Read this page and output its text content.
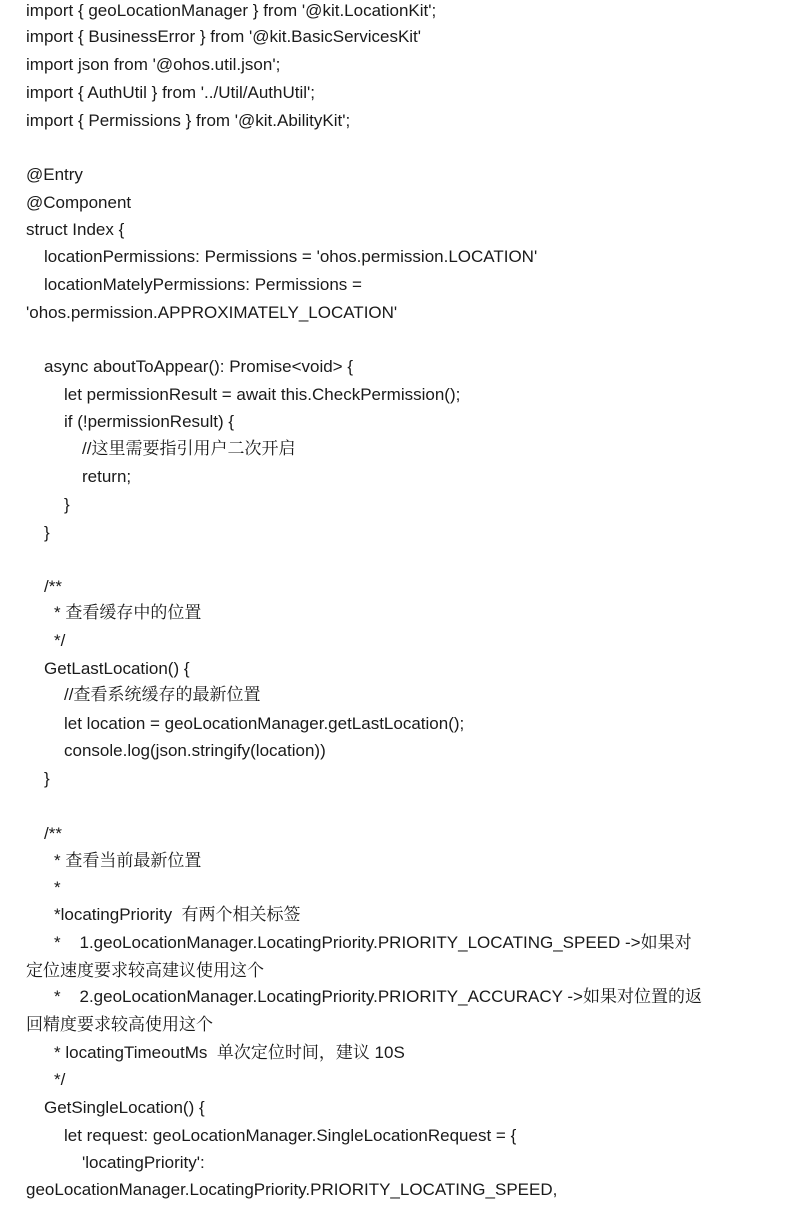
import { geoLocationManager } from '@kit.LocationKit';
import { BusinessError } from '@kit.BasicServicesKit'
import json from '@ohos.util.json';
import { AuthUtil } from '../Util/AuthUtil';
import { Permissions } from '@kit.AbilityKit';
@Entry
@Component
struct Index {
locationPermissions: Permissions = 'ohos.permission.LOCATION'
locationMatelyPermissions: Permissions =
'ohos.permission.APPROXIMATELY_LOCATION'
async aboutToAppear(): Promise<void> {
let permissionResult = await this.CheckPermission();
if (!permissionResult) {
//这里需要指引用户二次开启
return;
}
}
/**
* 查看缓存中的位置
*/
GetLastLocation() {
//查看系统缓存的最新位置
let location = geoLocationManager.getLastLocation();
console.log(json.stringify(location))
}
/**
* 查看当前最新位置
*
*locatingPriority  有两个相关标签
*    1.geoLocationManager.LocatingPriority.PRIORITY_LOCATING_SPEED ->如果对
定位速度要求较高建议使用这个
*    2.geoLocationManager.LocatingPriority.PRIORITY_ACCURACY ->如果对位置的返
回精度要求较高使用这个
* locatingTimeoutMs  单次定位时间，建议 10S
*/
GetSingleLocation() {
let request: geoLocationManager.SingleLocationRequest = {
'locatingPriority':
geoLocationManager.LocatingPriority.PRIORITY_LOCATING_SPEED,
